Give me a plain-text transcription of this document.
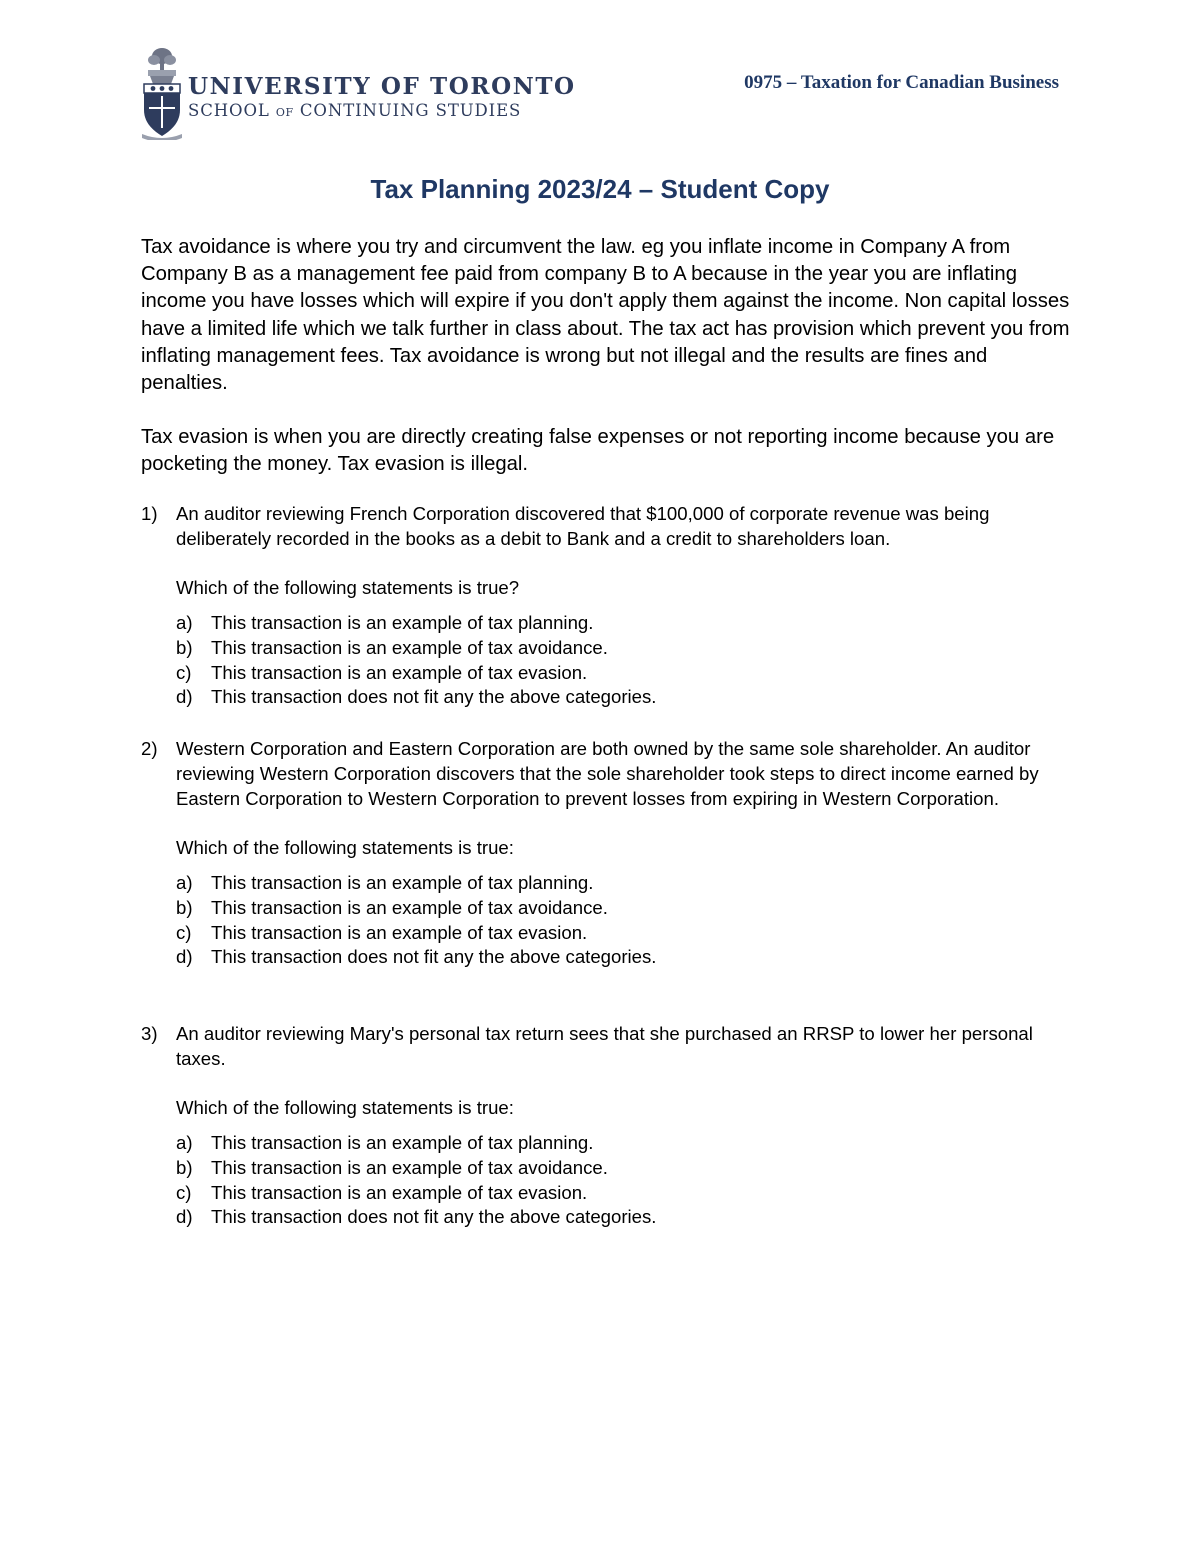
UNIVERSITY OF TORONTO
SCHOOL OF CONTINUING STUDIES
0975 – Taxation for Canadian Business
Tax Planning 2023/24 – Student Copy

Tax avoidance is where you try and circumvent the law. eg you inflate income in Company A from Company B as a management fee paid from company B to A because in the year you are inflating income you have losses which will expire if you don't apply them against the income. Non capital losses have a limited life which we talk further in class about. The tax act has provision which prevent you from inflating management fees. Tax avoidance is wrong but not illegal and the results are fines and penalties.

Tax evasion is when you are directly creating false expenses or not reporting income because you are pocketing the money. Tax evasion is illegal.

1) An auditor reviewing French Corporation discovered that $100,000 of corporate revenue was being deliberately recorded in the books as a debit to Bank and a credit to shareholders loan.

Which of the following statements is true?

a) This transaction is an example of tax planning.
b) This transaction is an example of tax avoidance.
c) This transaction is an example of tax evasion.
d) This transaction does not fit any the above categories.
2) Western Corporation and Eastern Corporation are both owned by the same sole shareholder. An auditor reviewing Western Corporation discovers that the sole shareholder took steps to direct income earned by Eastern Corporation to Western Corporation to prevent losses from expiring in Western Corporation.

Which of the following statements is true:

a) This transaction is an example of tax planning.
b) This transaction is an example of tax avoidance.
c) This transaction is an example of tax evasion.
d) This transaction does not fit any the above categories.
3) An auditor reviewing Mary's personal tax return sees that she purchased an RRSP to lower her personal taxes.

Which of the following statements is true:

a) This transaction is an example of tax planning.
b) This transaction is an example of tax avoidance.
c) This transaction is an example of tax evasion.
d) This transaction does not fit any the above categories.
